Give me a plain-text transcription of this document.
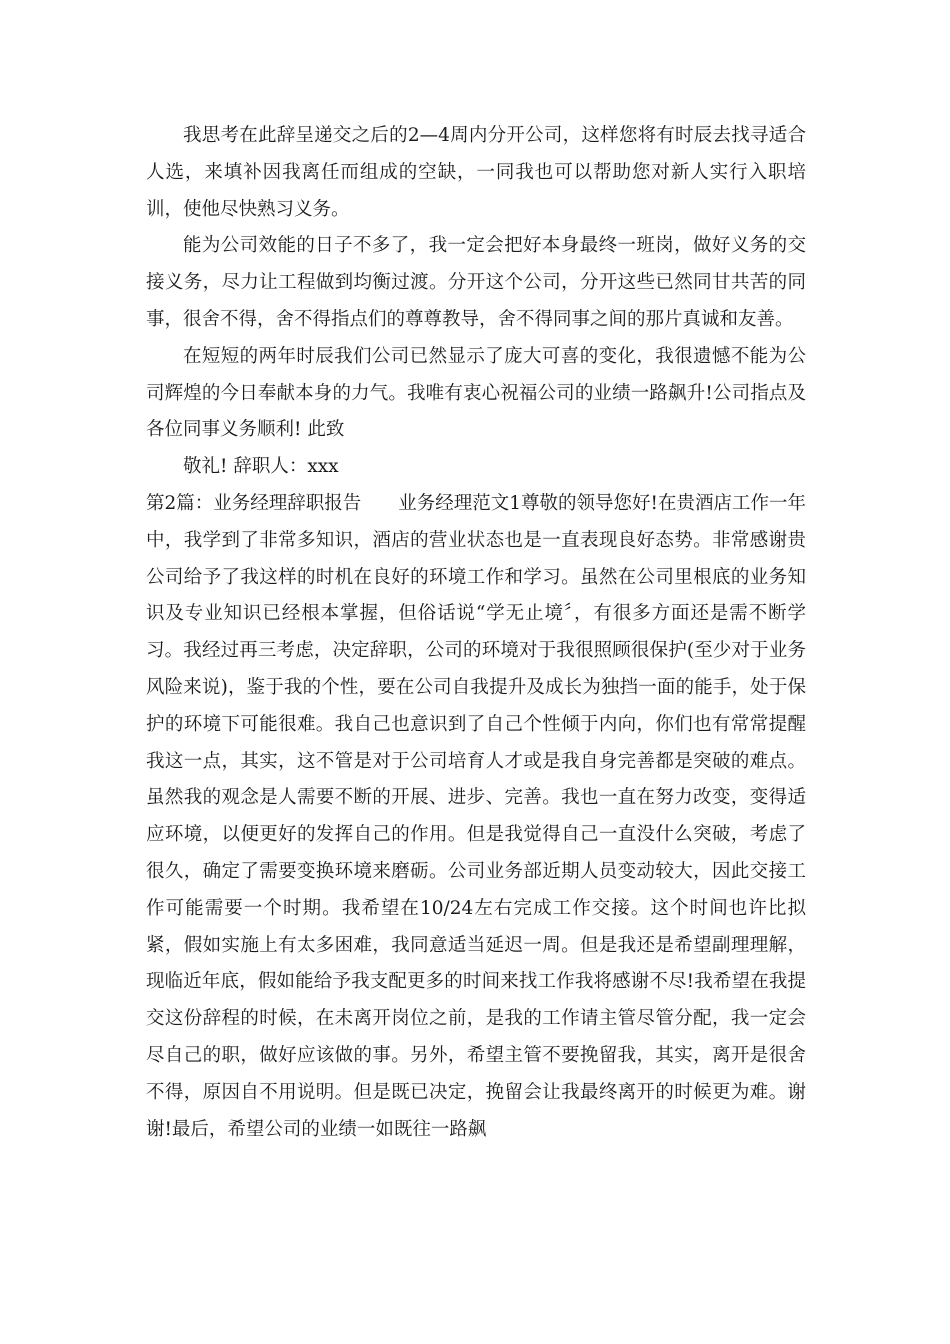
我思考在此辞呈递交之后的2—4周内分开公司，这样您将有时辰去找寻适合人选，来填补因我离任而组成的空缺，一同我也可以帮助您对新人实行入职培训，使他尽快熟习义务。

能为公司效能的日子不多了，我一定会把好本身最终一班岗，做好义务的交接义务，尽力让工程做到均衡过渡。分开这个公司，分开这些已然同甘共苦的同事，很舍不得，舍不得指点们的尊尊教导，舍不得同事之间的那片真诚和友善。

在短短的两年时辰我们公司已然显示了庞大可喜的变化，我很遗憾不能为公司辉煌的今日奉献本身的力气。我唯有衷心祝福公司的业绩一路飙升!公司指点及各位同事义务顺利! 此致

敬礼! 辞职人：xxx

第2篇：业务经理辞职报告　　业务经理范文1尊敬的领导您好!在贵酒店工作一年中，我学到了非常多知识，酒店的营业状态也是一直表现良好态势。非常感谢贵公司给予了我这样的时机在良好的环境工作和学习。虽然在公司里根底的业务知识及专业知识已经根本掌握，但俗话说“学无止境〞，有很多方面还是需不断学习。我经过再三考虑，决定辞职，公司的环境对于我很照顾很保护(至少对于业务风险来说)，鉴于我的个性，要在公司自我提升及成长为独挡一面的能手，处于保护的环境下可能很难。我自己也意识到了自己个性倾于内向，你们也有常常提醒我这一点，其实，这不管是对于公司培育人才或是我自身完善都是突破的难点。虽然我的观念是人需要不断的开展、进步、完善。我也一直在努力改变，变得适应环境，以便更好的发挥自己的作用。但是我觉得自己一直没什么突破，考虑了很久，确定了需要变换环境来磨砺。公司业务部近期人员变动较大，因此交接工作可能需要一个时期。我希望在10/24左右完成工作交接。这个时间也许比拟紧，假如实施上有太多困难，我同意适当延迟一周。但是我还是希望副理理解，现临近年底，假如能给予我支配更多的时间来找工作我将感谢不尽!我希望在我提交这份辞程的时候，在未离开岗位之前，是我的工作请主管尽管分配，我一定会尽自己的职，做好应该做的事。另外，希望主管不要挽留我，其实，离开是很舍不得，原因自不用说明。但是既已决定，挽留会让我最终离开的时候更为难。谢谢!最后，希望公司的业绩一如既往一路飙
